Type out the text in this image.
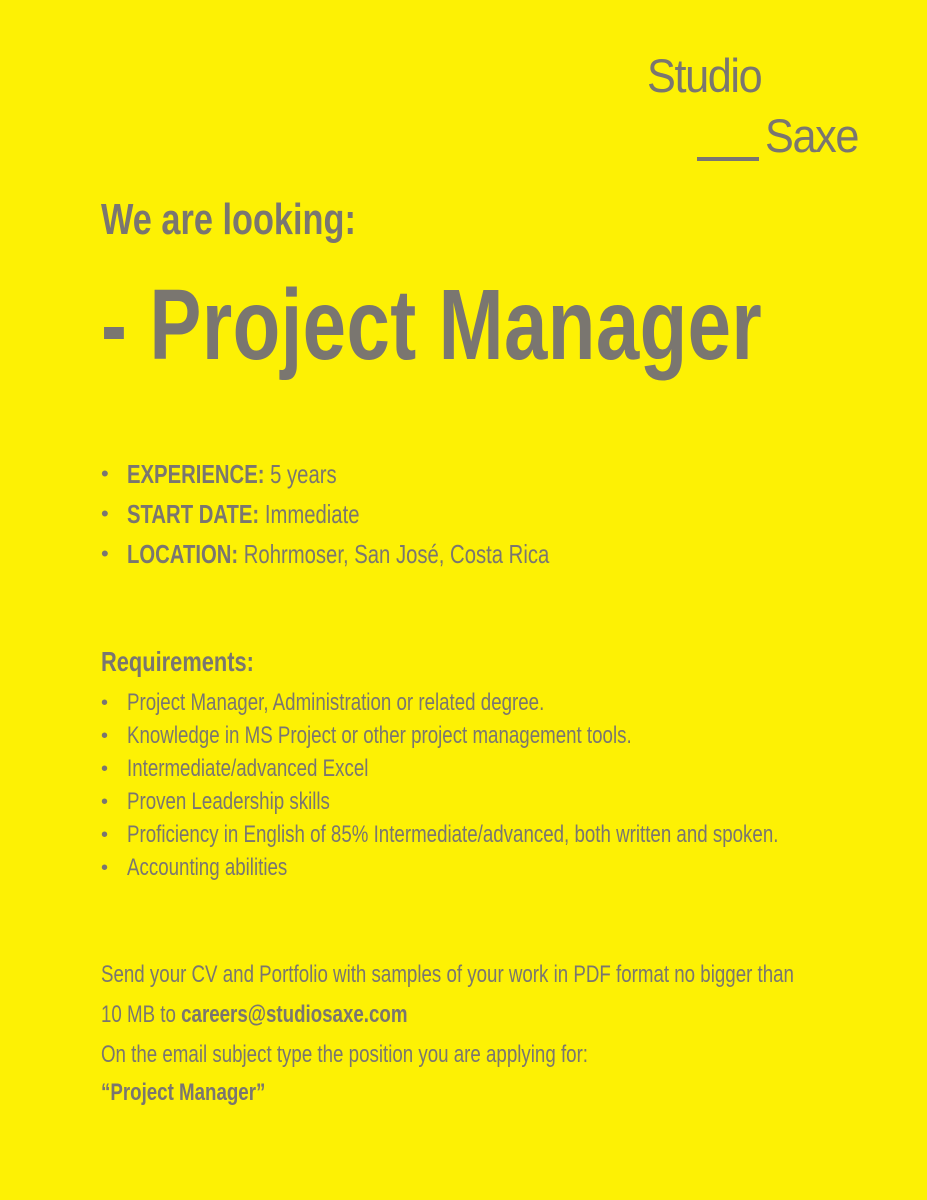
Studio
Saxe
We are looking:
- Project Manager
• EXPERIENCE: 5 years
• START DATE: Immediate
• LOCATION: Rohrmoser, San José, Costa Rica
Requirements:
• Project Manager, Administration or related degree.
• Knowledge in MS Project or other project management tools.
• Intermediate/advanced Excel
• Proven Leadership skills
• Proficiency in English of 85% Intermediate/advanced, both written and spoken.
• Accounting abilities
Send your CV and Portfolio with samples of your work in PDF format no bigger than
10 MB to careers@studiosaxe.com
On the email subject type the position you are applying for:
“Project Manager”
